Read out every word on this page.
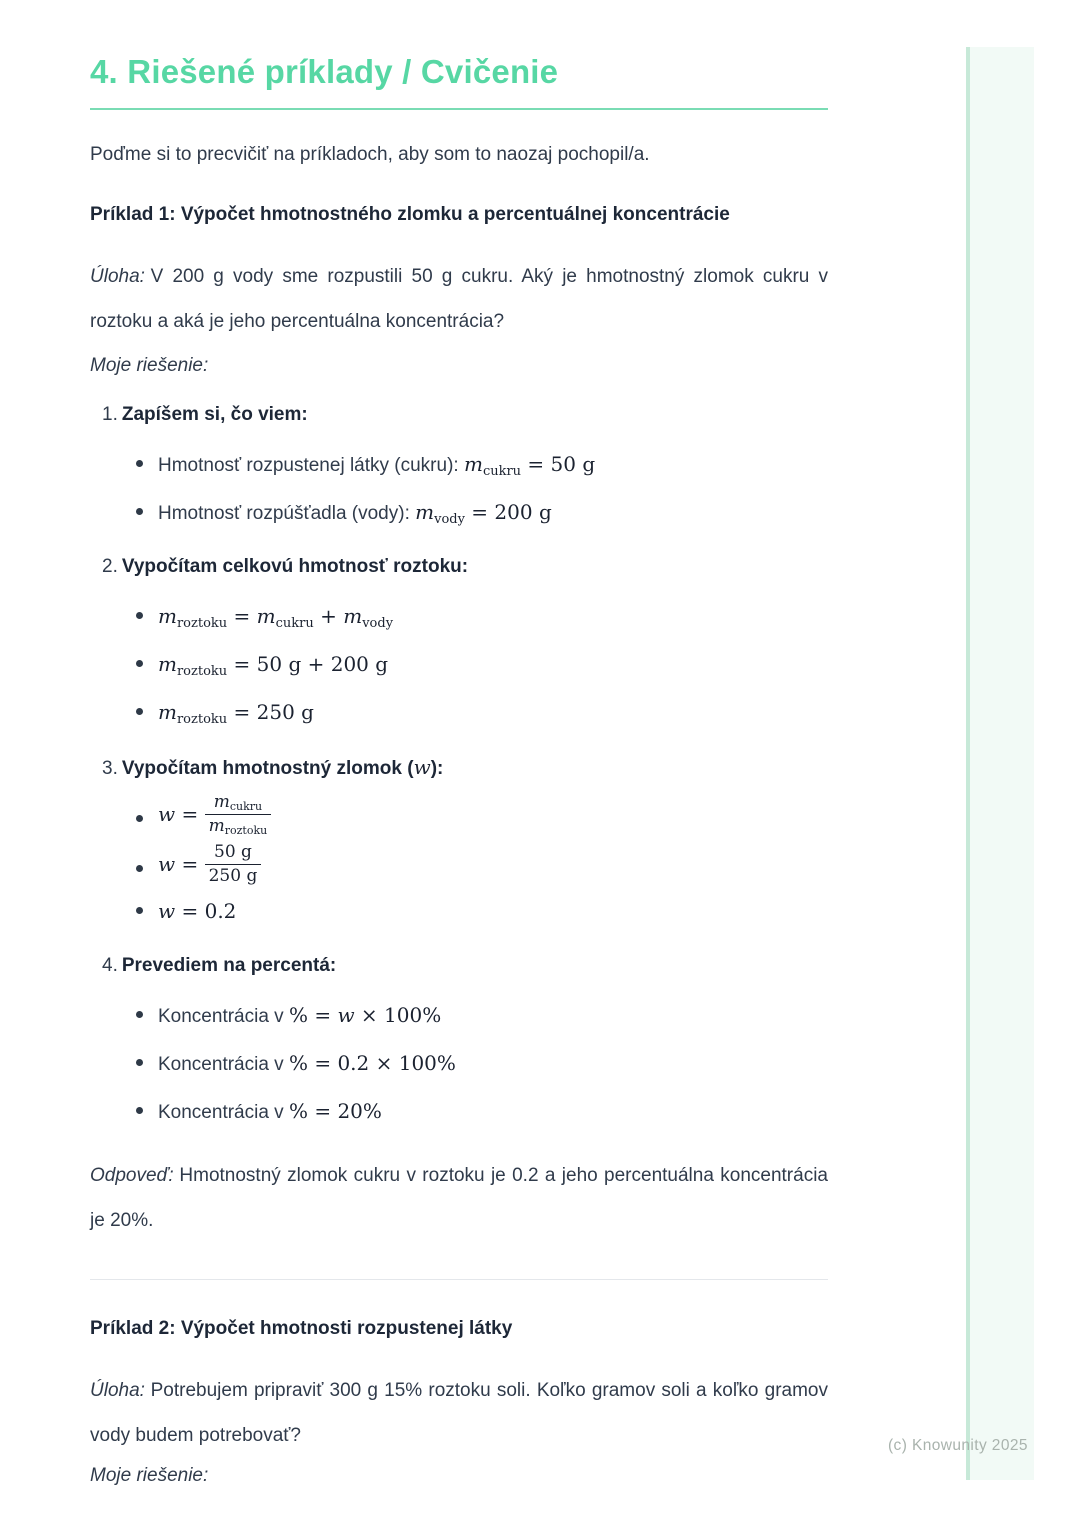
(c) Knowunity 2025
4. Riešené príklady / Cvičenie

Poďme si to precvičiť na príkladoch, aby som to naozaj pochopil/a.

Príklad 1: Výpočet hmotnostného zlomku a percentuálnej koncentrácie

Úloha: V 200 g vody sme rozpustili 50 g cukru. Aký je hmotnostný zlomok cukru v roztoku a aká je jeho percentuálna koncentrácia?

Moje riešenie:

1. Zapíšem si, čo viem:
Hmotnosť rozpustenej látky (cukru): $m_{cukru} = 50$ g
Hmotnosť rozpúšťadla (vody): $m_{vody} = 200$ g
2. Vypočítam celkovú hmotnosť roztoku:
$m_{roztoku} = m_{cukru} + m_{vody}$
$m_{roztoku} = 50$ g + 200 g
$m_{roztoku} = 250$ g
3. Vypočítam hmotnostný zlomok (w):
$w = \frac{m_{cukru}}{m_{roztoku}}$
$w = \frac{50 g}{250 g}$
w = 0.2
4. Prevediem na percentá:
Koncentrácia v % = w × 100%
Koncentrácia v % = 0.2 × 100%
Koncentrácia v % = 20%

Odpoveď: Hmotnostný zlomok cukru v roztoku je 0.2 a jeho percentuálna koncentrácia je 20%.

Príklad 2: Výpočet hmotnosti rozpustenej látky

Úloha: Potrebujem pripraviť 300 g 15% roztoku soli. Koľko gramov soli a koľko gramov vody budem potrebovať?

Moje riešenie:
